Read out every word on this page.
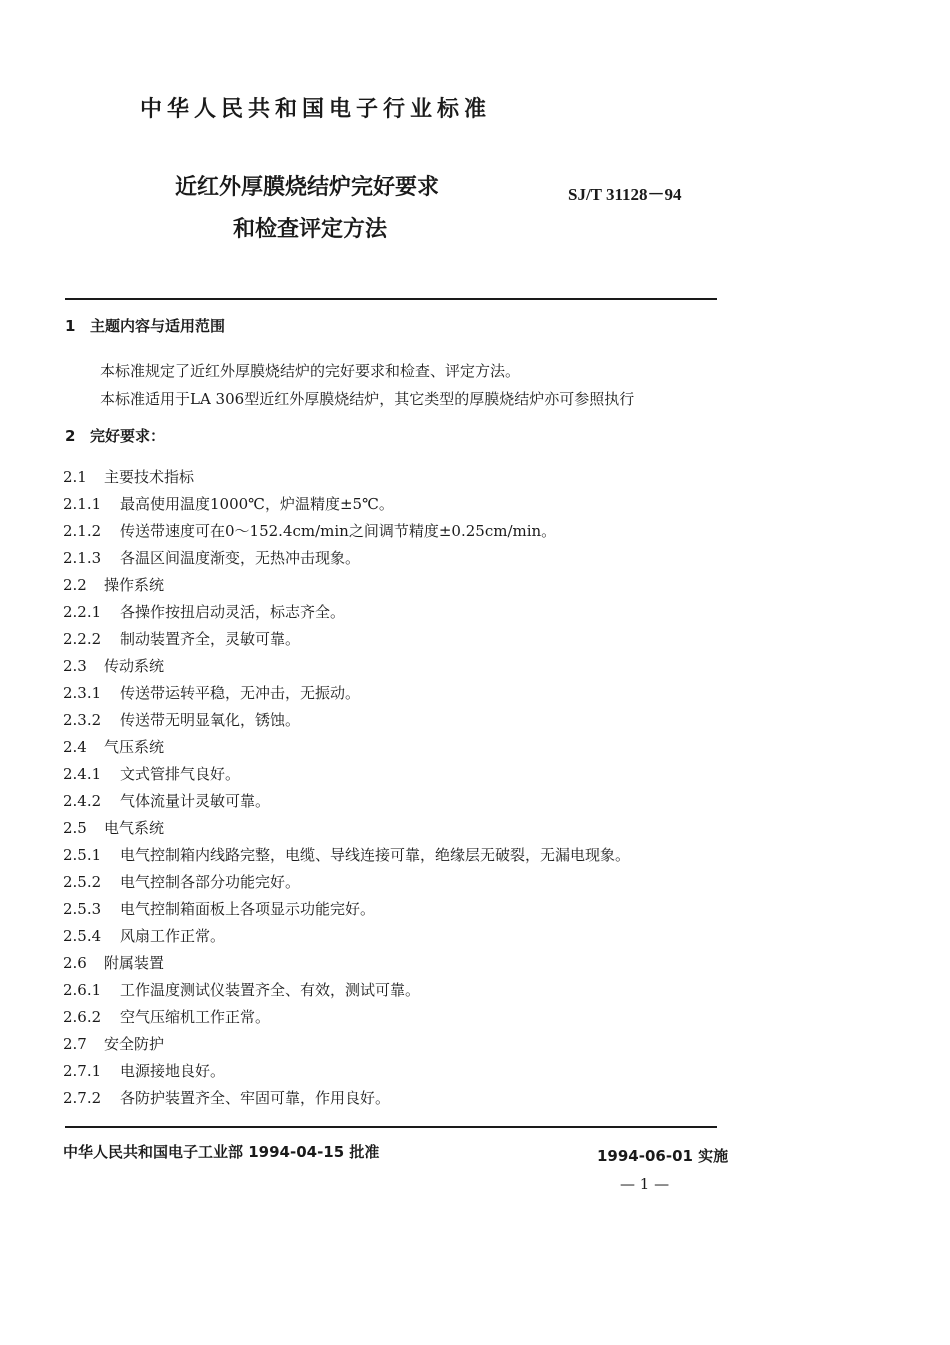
中华人民共和国电子行业标准
近红外厚膜烧结炉完好要求
和检查评定方法
SJ/T 31128－94
1 主题内容与适用范围
本标准规定了近红外厚膜烧结炉的完好要求和检查、评定方法。
本标准适用于LA 306型近红外厚膜烧结炉，其它类型的厚膜烧结炉亦可参照执行
2 完好要求：
2.1 主要技术指标
2.1.1 最高使用温度1000℃，炉温精度±5℃。
2.1.2 传送带速度可在0～152.4cm/min之间调节精度±0.25cm/min。
2.1.3 各温区间温度渐变，无热冲击现象。
2.2 操作系统
2.2.1 各操作按扭启动灵活，标志齐全。
2.2.2 制动装置齐全，灵敏可靠。
2.3 传动系统
2.3.1 传送带运转平稳，无冲击，无振动。
2.3.2 传送带无明显氧化，锈蚀。
2.4 气压系统
2.4.1 文式管排气良好。
2.4.2 气体流量计灵敏可靠。
2.5 电气系统
2.5.1 电气控制箱内线路完整，电缆、导线连接可靠，绝缘层无破裂，无漏电现象。
2.5.2 电气控制各部分功能完好。
2.5.3 电气控制箱面板上各项显示功能完好。
2.5.4 风扇工作正常。
2.6 附属装置
2.6.1 工作温度测试仪装置齐全、有效，测试可靠。
2.6.2 空气压缩机工作正常。
2.7 安全防护
2.7.1 电源接地良好。
2.7.2 各防护装置齐全、牢固可靠，作用良好。
中华人民共和国电子工业部 1994-04-15 批准	1994-06-01 实施
— 1 —
